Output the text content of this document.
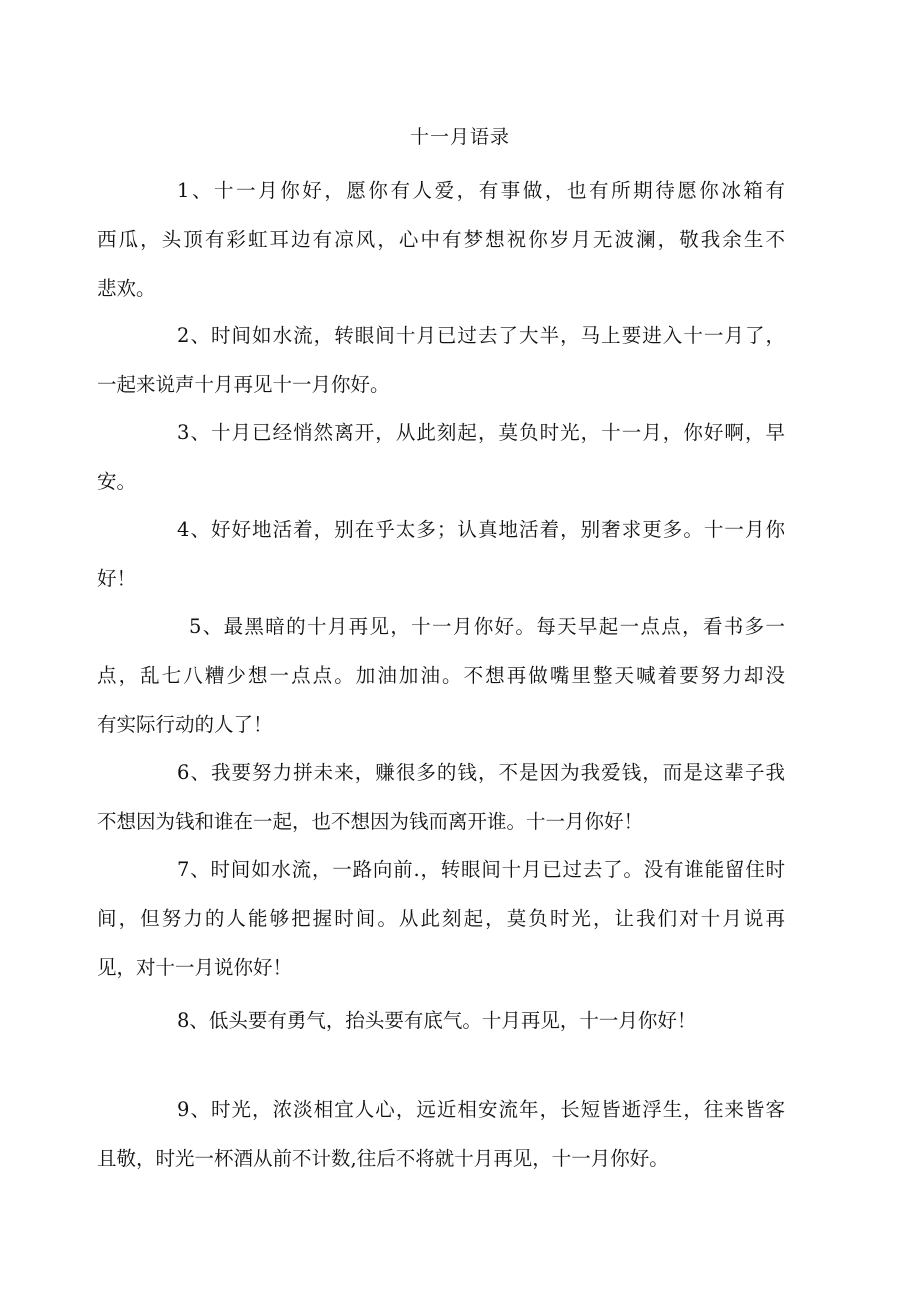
十一月语录
1、十一月你好，愿你有人爱，有事做，也有所期待愿你冰箱有
西瓜，头顶有彩虹耳边有凉风，心中有梦想祝你岁月无波澜，敬我余生不
悲欢。
2、时间如水流，转眼间十月已过去了大半，马上要进入十一月了，
一起来说声十月再见十一月你好。
3、十月已经悄然离开，从此刻起，莫负时光，十一月，你好啊，早
安。
4、好好地活着，别在乎太多；认真地活着，别奢求更多。十一月你
好！
5、最黑暗的十月再见，十一月你好。每天早起一点点，看书多一
点，乱七八糟少想一点点。加油加油。不想再做嘴里整天喊着要努力却没
有实际行动的人了！
6、我要努力拼未来，赚很多的钱，不是因为我爱钱，而是这辈子我
不想因为钱和谁在一起，也不想因为钱而离开谁。十一月你好！
7、时间如水流，一路向前.，转眼间十月已过去了。没有谁能留住时
间，但努力的人能够把握时间。从此刻起，莫负时光，让我们对十月说再
见，对十一月说你好！
8、低头要有勇气，抬头要有底气。十月再见，十一月你好！
9、时光，浓淡相宜人心，远近相安流年，长短皆逝浮生，往来皆客
且敬，时光一杯酒从前不计数,往后不将就十月再见，十一月你好。
